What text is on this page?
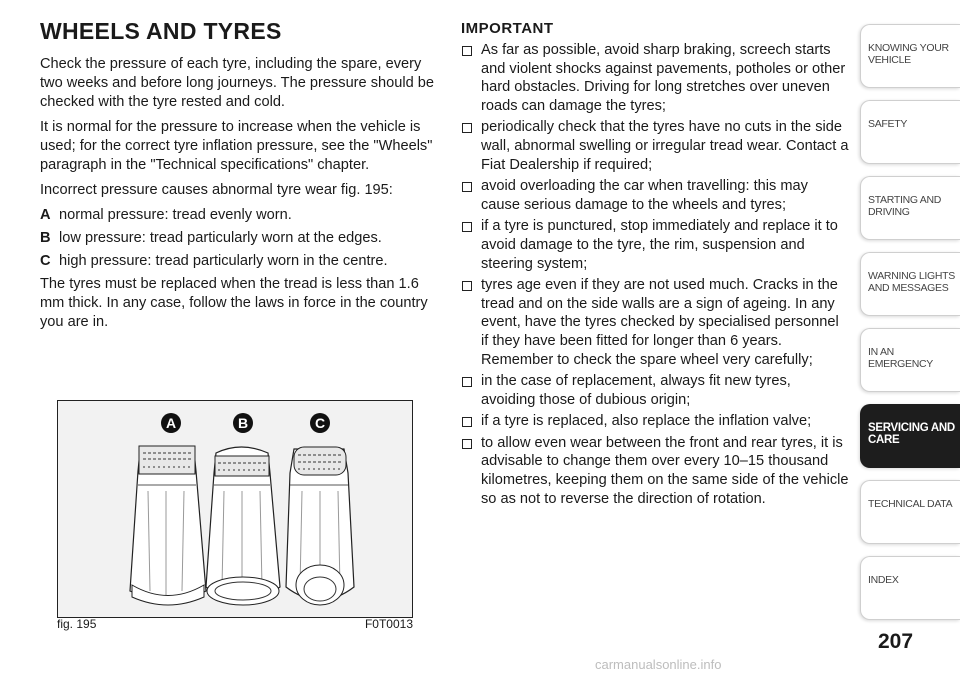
WHEELS AND TYRES

Check the pressure of each tyre, including the spare, every two weeks and before long journeys. The pressure should be checked with the tyre rested and cold.

It is normal for the pressure to increase when the vehicle is used; for the correct tyre inflation pressure, see the "Wheels" paragraph in the "Technical specifications" chapter.

Incorrect pressure causes abnormal tyre wear fig. 195:

A normal pressure: tread evenly worn.
B low pressure: tread particularly worn at the edges.
C high pressure: tread particularly worn in the centre.

The tyres must be replaced when the tread is less than 1.6 mm thick. In any case, follow the laws in force in the country you are in.

A	B	C
fig. 195	F0T0013
IMPORTANT
As far as possible, avoid sharp braking, screech starts and violent shocks against pavements, potholes or other hard obstacles. Driving for long stretches over uneven roads can damage the tyres;
periodically check that the tyres have no cuts in the side wall, abnormal swelling or irregular tread wear. Contact a Fiat Dealership if required;
avoid overloading the car when travelling: this may cause serious damage to the wheels and tyres;
if a tyre is punctured, stop immediately and replace it to avoid damage to the tyre, the rim, suspension and steering system;
tyres age even if they are not used much. Cracks in the tread and on the side walls are a sign of ageing. In any event, have the tyres checked by specialised personnel if they have been fitted for longer than 6 years. Remember to check the spare wheel very carefully;
in the case of replacement, always fit new tyres, avoiding those of dubious origin;
if a tyre is replaced, also replace the inflation valve;
to allow even wear between the front and rear tyres, it is advisable to change them over every 10–15 thousand kilometres, keeping them on the same side of the vehicle so as not to reverse the direction of rotation.
KNOWING YOUR
VEHICLE
SAFETY

STARTING AND
DRIVING
WARNING LIGHTS
AND MESSAGES
IN AN EMERGENCY

SERVICING AND
CARE
TECHNICAL DATA

INDEX

207
carmanualsonline.info
